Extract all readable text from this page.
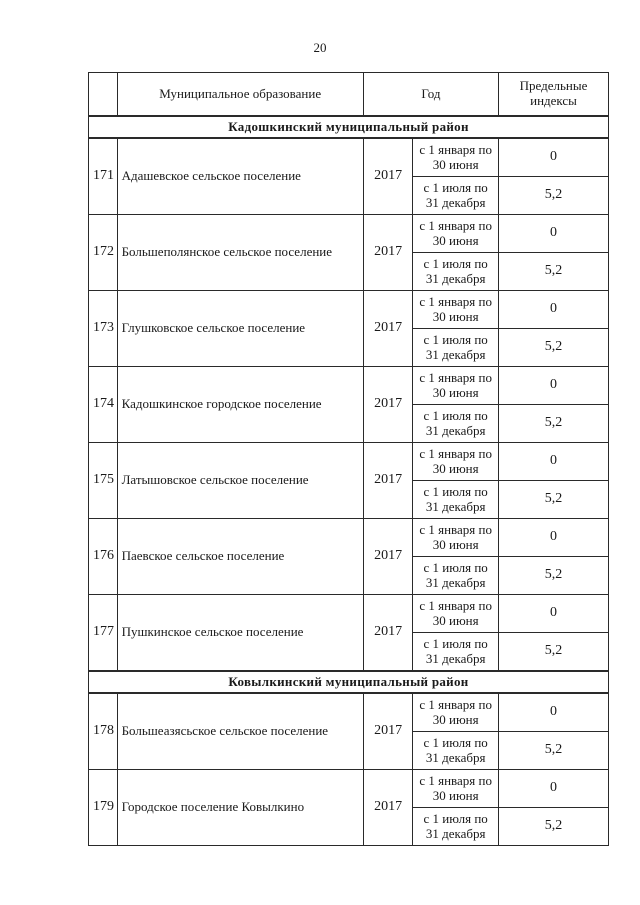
20
	Муниципальное образование	Год		Предельные индексы
Кадошкинский муниципальный район				
171	Адашевское сельское поселение	2017	с 1 января по 30 июня	0
			с 1 июля по 31 декабря	5,2
172	Большеполянское сельское поселение	2017	с 1 января по 30 июня	0
			с 1 июля по 31 декабря	5,2
173	Глушковское сельское поселение	2017	с 1 января по 30 июня	0
			с 1 июля по 31 декабря	5,2
174	Кадошкинское городское поселение	2017	с 1 января по 30 июня	0
			с 1 июля по 31 декабря	5,2
175	Латышовское сельское поселение	2017	с 1 января по 30 июня	0
			с 1 июля по 31 декабря	5,2
176	Паевское сельское поселение	2017	с 1 января по 30 июня	0
			с 1 июля по 31 декабря	5,2
177	Пушкинское сельское поселение	2017	с 1 января по 30 июня	0
			с 1 июля по 31 декабря	5,2
Ковылкинский муниципальный район				
178	Большеазясьское сельское поселение	2017	с 1 января по 30 июня	0
			с 1 июля по 31 декабря	5,2
179	Городское поселение Ковылкино	2017	с 1 января по 30 июня	0
			с 1 июля по 31 декабря	5,2
